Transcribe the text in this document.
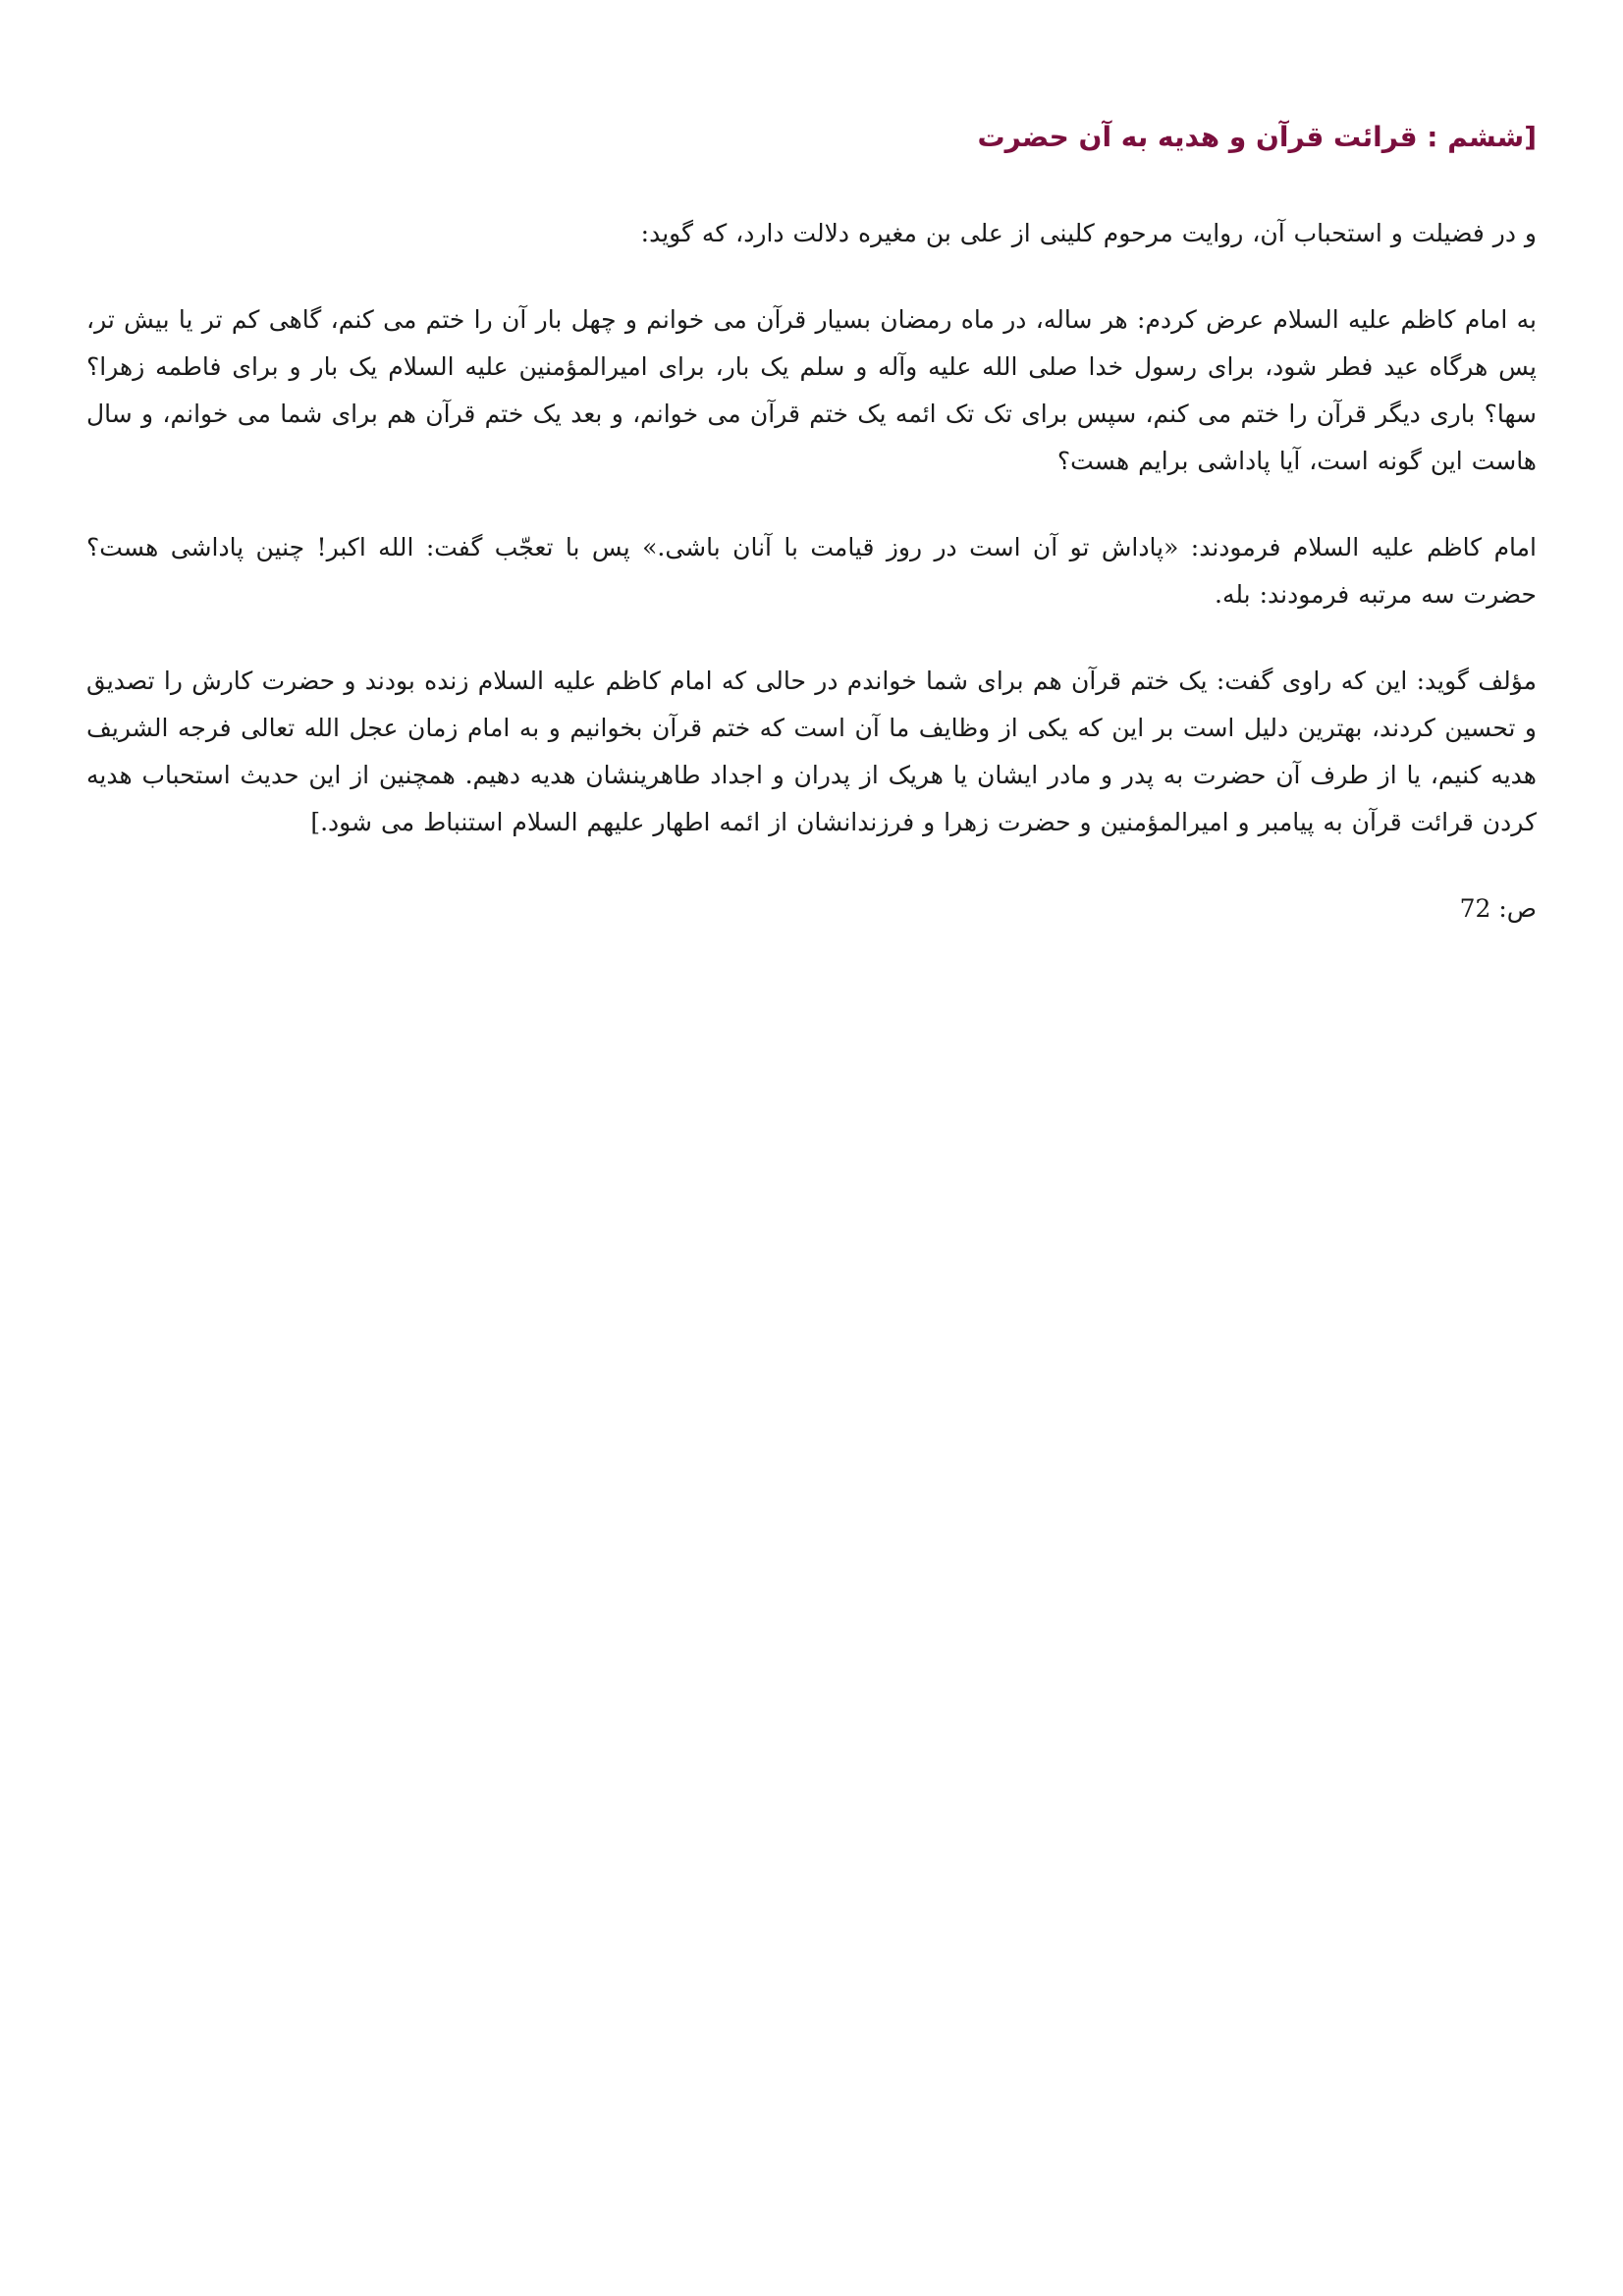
[ششم : قرائت قرآن و هديه به آن حضرت

و در فضیلت و استحباب آن، روایت مرحوم کلینی از علی بن مغیره دلالت دارد، که گوید:

به امام کاظم علیه السلام عرض کردم: هر ساله، در ماه رمضان بسیار قرآن می خوانم و چهل بار آن را ختم می کنم، گاهی کم تر یا بیش تر، پس هرگاه عید فطر شود، برای رسول خدا صلی الله علیه وآله و سلم یک بار، برای امیرالمؤمنین علیه السلام یک بار و برای فاطمه زهرا؟سها؟ باری دیگر قرآن را ختم می کنم، سپس برای تک تک ائمه یک ختم قرآن می خوانم، و بعد یک ختم قرآن هم برای شما می خوانم، و سال هاست این گونه است، آیا پاداشی برایم هست؟

امام کاظم علیه السلام فرمودند: «پاداش تو آن است در روز قیامت با آنان باشی.» پس با تعجّب گفت: الله اکبر! چنین پاداشی هست؟ حضرت سه مرتبه فرمودند: بله.

مؤلف گوید: این که راوی گفت: یک ختم قرآن هم برای شما خواندم در حالی که امام کاظم علیه السلام زنده بودند و حضرت کارش را تصدیق و تحسین کردند، بهترین دلیل است بر این که یکی از وظایف ما آن است که ختم قرآن بخوانیم و به امام زمان عجل الله تعالی فرجه الشریف هدیه کنیم، یا از طرف آن حضرت به پدر و مادر ایشان یا هریک از پدران و اجداد طاهرینشان هدیه دهیم. همچنین از این حدیث استحباب هدیه کردن قرائت قرآن به پیامبر و امیرالمؤمنین و حضرت زهرا و فرزندانشان از ائمه اطهار علیهم السلام استنباط می شود.]

ص: 72
